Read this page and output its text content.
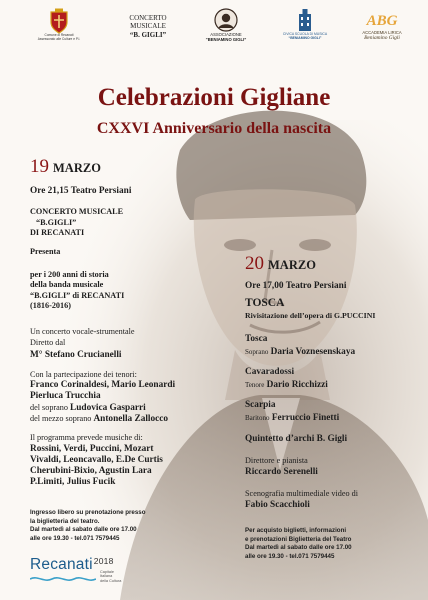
Comune di Recanati
Assessorato alle Culture e P.I.
CONCERTO
MUSICALE
“B. GIGLI”	ASSOCIAZIONE
“BENIAMINO GIGLI”
CIVICA SCUOLA DI MUSICA
“BENIAMINO GIGLI”
ABG
ACCADEMIA LIRICA
Beniamino Gigli
Celebrazioni Gigliane
CXXVI Anniversario della nascita
19 MARZO
Ore 21,15 Teatro Persiani
CONCERTO MUSICALE
“B.GIGLI”
DI RECANATI
Presenta
per i 200 anni di storia
della banda musicale
“B.GIGLI” di RECANATI
(1816-2016)
Un concerto vocale-strumentale
Diretto dal
M° Stefano Crucianelli
Con la partecipazione dei tenori:
Franco Corinaldesi, Mario Leonardi
Pierluca Trucchia
del soprano Ludovica Gasparri
del mezzo soprano Antonella Zallocco
Il programma prevede musiche di:
Rossini, Verdi, Puccini, Mozart
Vivaldi, Leoncavallo, E.De Curtis
Cherubini-Bixio, Agustin Lara
P.Limiti, Julius Fucik
Ingresso libero su prenotazione presso
la biglietteria del teatro.
Dal martedì al sabato dalle ore 17.00
alle ore 19.30 - tel.071 7579445
Recanati$^{2018}$
Capitale
Italiana
della Cultura
20 MARZO
Ore 17,00 Teatro Persiani
TOSCA
Rivisitazione dell’opera di G.PUCCINI
Tosca
Soprano Daria Voznesenskaya
Cavaradossi
Tenore Dario Ricchizzi
Scarpia
Baritono Ferruccio Finetti
Quintetto d’archi B. Gigli
Direttore e pianista
Riccardo Serenelli
Scenografia multimediale video di
Fabio Scacchioli
Per acquisto biglietti, informazioni
e prenotazioni Biglietteria del Teatro
Dal martedì al sabato dalle ore 17.00
alle ore 19.30 - tel.071 7579445
